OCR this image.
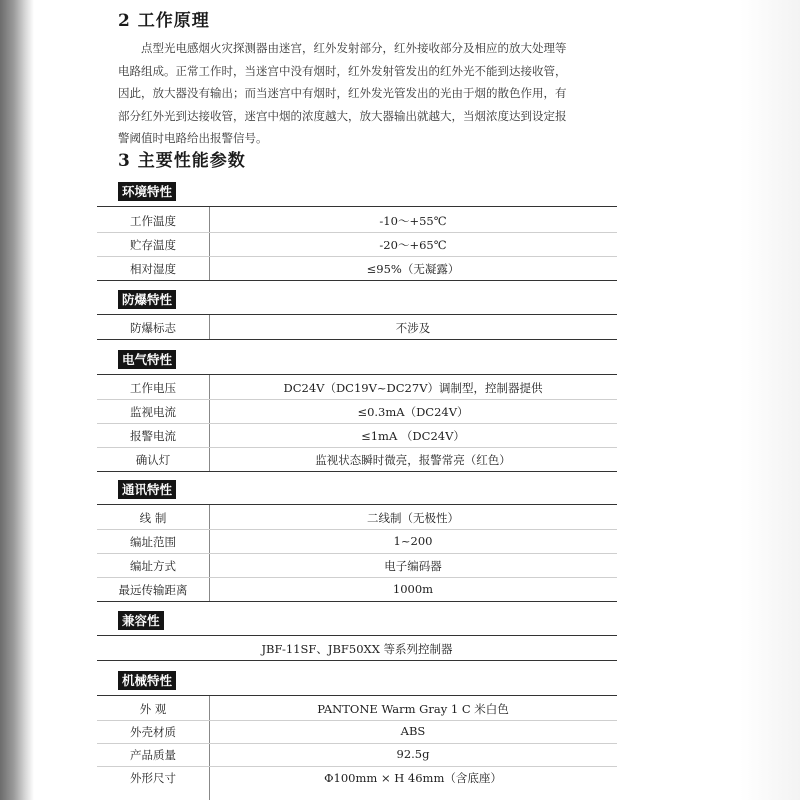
2 工作原理
点型光电感烟火灾探测器由迷宫，红外发射部分，红外接收部分及相应的放大处理等
电路组成。正常工作时，当迷宫中没有烟时，红外发射管发出的红外光不能到达接收管，
因此，放大器没有输出；而当迷宫中有烟时，红外发光管发出的光由于烟的散色作用，有
部分红外光到达接收管，迷宫中烟的浓度越大，放大器输出就越大，当烟浓度达到设定报
警阈值时电路给出报警信号。
3 主要性能参数
环境特性
工作温度	-10～+55℃
贮存温度	-20～+65℃
相对湿度	≤95%（无凝露）
防爆特性
防爆标志	不涉及
电气特性
工作电压	DC24V（DC19V~DC27V）调制型，控制器提供
监视电流	≤0.3mA（DC24V）
报警电流	≤1mA （DC24V）
确认灯	监视状态瞬时微亮，报警常亮（红色）
通讯特性
线 制	二线制（无极性）
编址范围	1~200
编址方式	电子编码器
最远传输距离	1000m
兼容性
JBF-11SF、JBF50XX 等系列控制器
机械特性
外 观	PANTONE Warm Gray 1 C 米白色
外壳材质	ABS
产品质量	92.5g
外形尺寸	Φ100mm × H 46mm（含底座）
